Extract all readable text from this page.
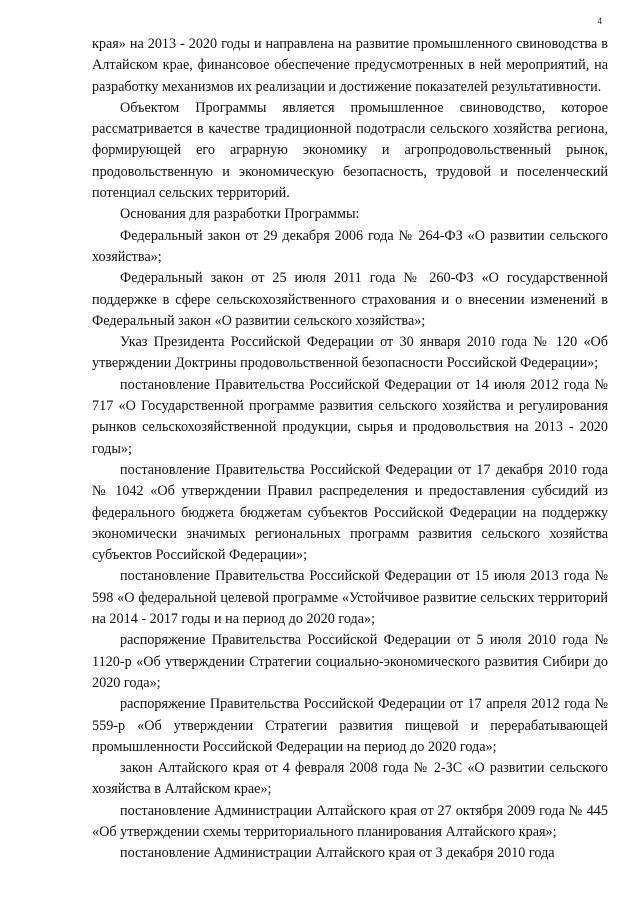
4

края» на 2013 - 2020 годы и направлена на развитие промышленного свиноводства в Алтайском крае, финансовое обеспечение предусмотренных в ней мероприятий, на разработку механизмов их реализации и достижение показателей результативности.

Объектом Программы является промышленное свиноводство, которое рассматривается в качестве традиционной подотрасли сельского хозяйства региона, формирующей его аграрную экономику и агропродовольственный рынок, продовольственную и экономическую безопасность, трудовой и поселенческий потенциал сельских территорий.

Основания для разработки Программы:

Федеральный закон от 29 декабря 2006 года № 264-ФЗ «О развитии сельского хозяйства»;

Федеральный закон от 25 июля 2011 года № 260-ФЗ «О государственной поддержке в сфере сельскохозяйственного страхования и о внесении изменений в Федеральный закон «О развитии сельского хозяйства»;

Указ Президента Российской Федерации от 30 января 2010 года № 120 «Об утверждении Доктрины продовольственной безопасности Российской Федерации»;

постановление Правительства Российской Федерации от 14 июля 2012 года № 717 «О Государственной программе развития сельского хозяйства и регулирования рынков сельскохозяйственной продукции, сырья и продовольствия на 2013 - 2020 годы»;

постановление Правительства Российской Федерации от 17 декабря 2010 года № 1042 «Об утверждении Правил распределения и предоставления субсидий из федерального бюджета бюджетам субъектов Российской Федерации на поддержку экономически значимых региональных программ развития сельского хозяйства субъектов Российской Федерации»;

постановление Правительства Российской Федерации от 15 июля 2013 года № 598 «О федеральной целевой программе «Устойчивое развитие сельских территорий на 2014 - 2017 годы и на период до 2020 года»;

распоряжение Правительства Российской Федерации от 5 июля 2010 года № 1120-р «Об утверждении Стратегии социально-экономического развития Сибири до 2020 года»;

распоряжение Правительства Российской Федерации от 17 апреля 2012 года № 559-р «Об утверждении Стратегии развития пищевой и перерабатывающей промышленности Российской Федерации на период до 2020 года»;

закон Алтайского края от 4 февраля 2008 года № 2-ЗС «О развитии сельского хозяйства в Алтайском крае»;

постановление Администрации Алтайского края от 27 октября 2009 года № 445 «Об утверждении схемы территориального планирования Алтайского края»;

постановление Администрации Алтайского края от 3 декабря 2010 года
